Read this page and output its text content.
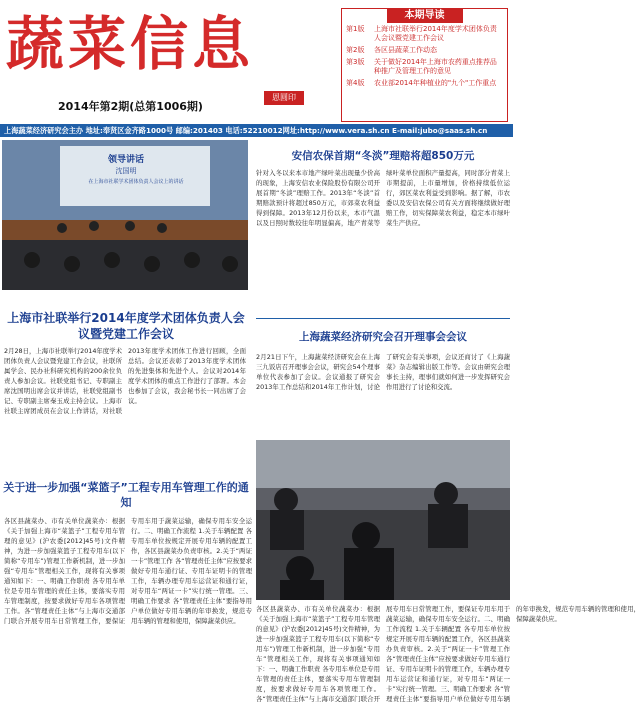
蔬菜信息
2014年第2期(总第1006期)
恩圆印
本期导读
第1版	上海市社联举行2014年度学术团体负责人会议暨党建工作会议
第2版	各区县蔬菜工作动态
第3版	关于做好2014年上海市农药重点推荐品种推广及管理工作的意见
第4版	农业部2014年种植业的"九个"工作重点
上海蔬菜经济研究会主办 地址:奉贤区金齐路1000号 邮编:201403 电话:52210012网址:http://www.vera.sh.cn E-mail:jubo@saas.sh.cn
领导讲话
沈国明
在上海市社联学术团体负责人会议上的讲话
上海市社联举行2014年度学术团体负责人会议暨党建工作会议
2月28日，上海市社联举行2014年度学术团体负责人会议暨党建工作会议，社联所属学会、民办社科研究机构的200余位负责人参加会议。社联党组书记、专职副主席沈国明出席会议并讲话，社联党组副书记、专职副主席秦玉成主持会议。上海市社联主席团成员在会议上作讲话，对社联2013年度学术团体工作进行回顾，全面总结。会议还表彰了2013年度学术团体的先进集体和先进个人。会议对2014年度学术团体的重点工作进行了部署。本会也参加了会议，我会秘书长一同出席了会议。
安信农保首期“冬淡”理赔将超850万元
针对入冬以来本市地产绿叶菜出现量少价高的现象，上海安信农业保险股份有限公司开展首期“冬淡”理赔工作。2013年“冬淡”首期赔款预计将超过850万元，市郊菜农利益得到保障。2013年12月份以来，本市气温以及日照时数较往年明显偏高，地产青菜等绿叶菜单位面积产量提高，同时部分青菜上市期提前，上市量增加，价格持续低位运行，郊区菜农利益受到影响。据了解，市农委以及安信农保公司有关方面将继续做好理赔工作，切实保障菜农利益，稳定本市绿叶菜生产供应。
上海蔬菜经济研究会召开理事会会议
2月21日下午，上海蔬菜经济研究会在上海三九饭店召开理事会会议，研究会54个理事单位代表参加了会议。会议通报了研究会2013年工作总结和2014年工作计划，讨论了研究会有关事项，会议还商讨了《上海蔬菜》杂志编辑出版工作等。会议由研究会理事长主持，理事们就如何进一步发挥研究会作用进行了讨论和交流。
关于进一步加强“菜篮子”工程专用车管理工作的通知
各区县蔬菜办、市有关单位蔬菜办：根据《关于加强上海市“菜篮子”工程专用车管理的意见》(沪农委[2012]45号)文件精神，为进一步加强菜篮子工程专用车(以下简称“专用车”)管理工作新机制，进一步加强“专用车”管理相关工作，现将有关事项通知如下：一、明确工作职责 各专用车单位是专用车管理的责任主体，要落实专用车管理制度，按要求做好专用车各项管理工作。各“管理责任主体”与上海市交通部门联合开展专用车日常管理工作，要保证专用车用于蔬菜运输，确保专用车安全运行。二、明确工作流程 1.关于车辆配置 各专用车单位按规定开展专用车辆的配置工作，各区县蔬菜办负责审核。2.关于“两证一卡”管理工作 各“管理责任主体”应按要求做好专用车通行证、专用车证明卡的管理工作，车辆办理专用车运营证和通行证，对专用车“两证一卡”实行统一管理。三、明确工作要求 各“管理责任主体”要指导用户单位做好专用车辆的年审换发，规范专用车辆的管理和使用，保障蔬菜供应。
各区县蔬菜办、市有关单位蔬菜办：根据《关于加强上海市“菜篮子”工程专用车管理的意见》(沪农委[2012]45号)文件精神，为进一步加强菜篮子工程专用车(以下简称“专用车”)管理工作新机制，进一步加强“专用车”管理相关工作，现将有关事项通知如下：一、明确工作职责 各专用车单位是专用车管理的责任主体，要落实专用车管理制度，按要求做好专用车各项管理工作。各“管理责任主体”与上海市交通部门联合开展专用车日常管理工作，要保证专用车用于蔬菜运输，确保专用车安全运行。二、明确工作流程 1.关于车辆配置 各专用车单位按规定开展专用车辆的配置工作，各区县蔬菜办负责审核。2.关于“两证一卡”管理工作 各“管理责任主体”应按要求做好专用车通行证、专用车证明卡的管理工作，车辆办理专用车运营证和通行证，对专用车“两证一卡”实行统一管理。三、明确工作要求 各“管理责任主体”要指导用户单位做好专用车辆的年审换发，规范专用车辆的管理和使用，保障蔬菜供应。
